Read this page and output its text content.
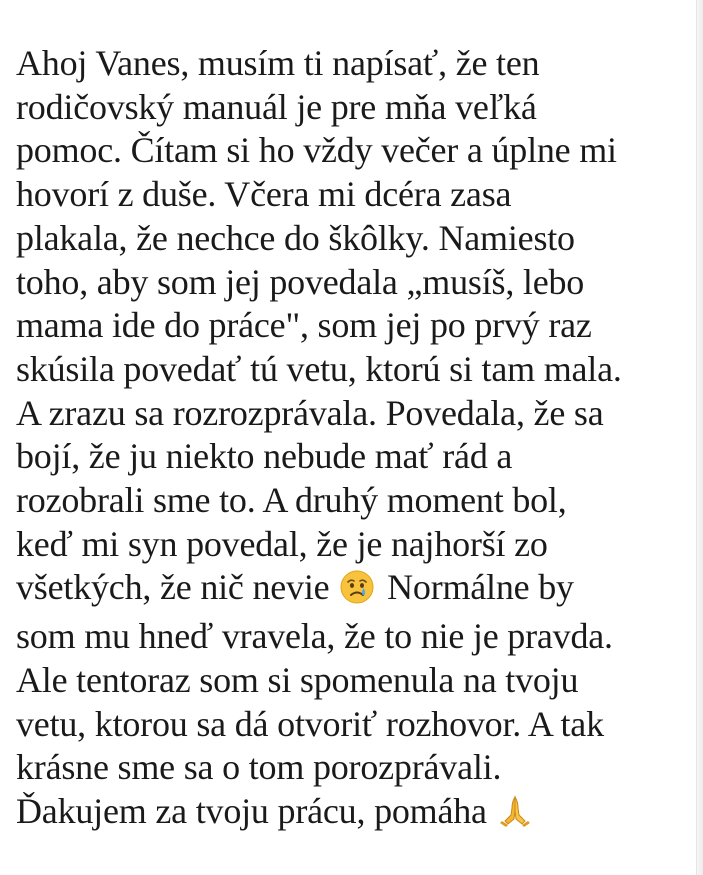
Ahoj Vanes, musím ti napísať, že ten
rodičovský manuál je pre mňa veľká
pomoc. Čítam si ho vždy večer a úplne mi
hovorí z duše. Včera mi dcéra zasa
plakala, že nechce do škôlky. Namiesto
toho, aby som jej povedala „musíš, lebo
mama ide do práce", som jej po prvý raz
skúsila povedať tú vetu, ktorú si tam mala.
A zrazu sa rozrozprávala. Povedala, že sa
bojí, že ju niekto nebude mať rád a
rozobrali sme to. A druhý moment bol,
keď mi syn povedal, že je najhorší zo
všetkých, že nič nevie Normálne by
som mu hneď vravela, že to nie je pravda.
Ale tentoraz som si spomenula na tvoju
vetu, ktorou sa dá otvoriť rozhovor. A tak
krásne sme sa o tom porozprávali.
Ďakujem za tvoju prácu, pomáha
